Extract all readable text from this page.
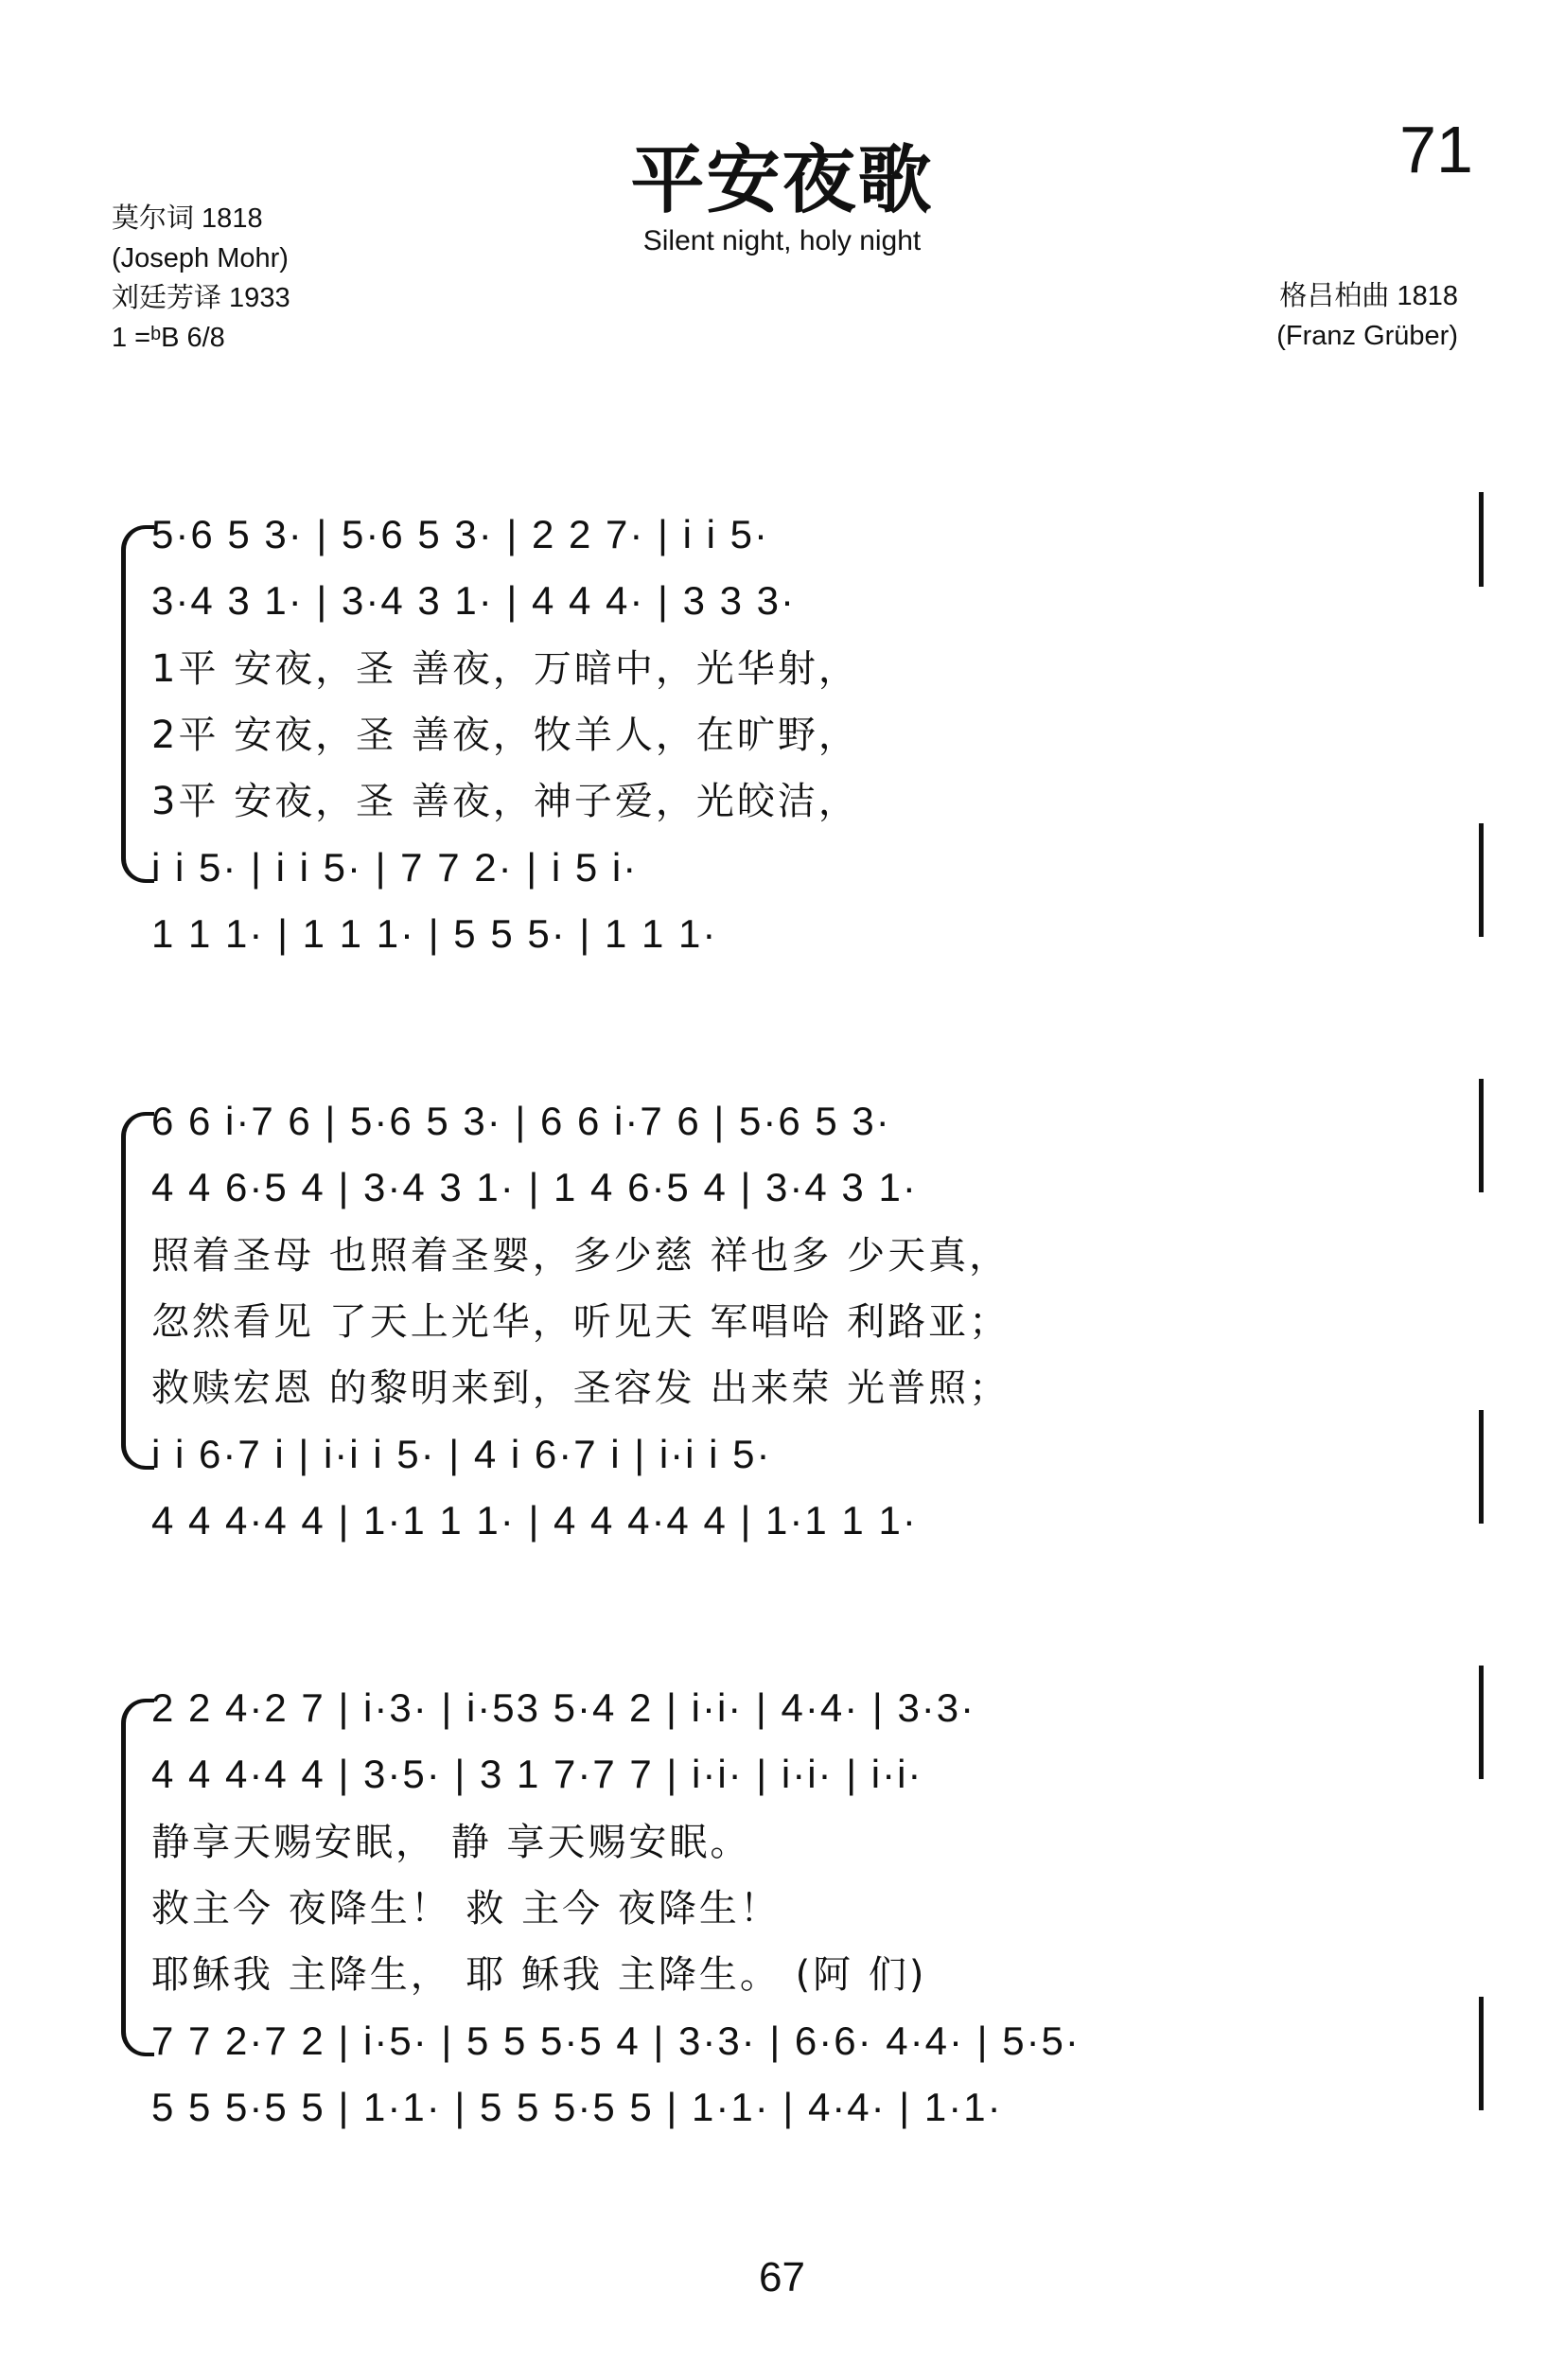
平安夜歌	71
Silent night, holy night
莫尔词 1818
(Joseph Mohr)
刘廷芳译 1933
1 =ᵇB 6/8
格吕柏曲 1818
(Franz Grüber)
5·6 5 3· | 5·6 5 3· | 2 2 7· | i i 5·
3·4 3 1· | 3·4 3 1· | 4 4 4· | 3 3 3·
1平 安夜，圣 善夜，万暗中，光华射，
2平 安夜，圣 善夜，牧羊人，在旷野，
3平 安夜，圣 善夜，神子爱，光皎洁，
i i 5· | i i 5· | 7 7 2· | i 5 i·
1 1 1· | 1 1 1· | 5 5 5· | 1 1 1·
6 6 i·7 6 | 5·6 5 3· | 6 6 i·7 6 | 5·6 5 3·
4 4 6·5 4 | 3·4 3 1· | 1 4 6·5 4 | 3·4 3 1·
照着圣母 也照着圣婴，多少慈 祥也多 少天真，
忽然看见 了天上光华，听见天 军唱哈 利路亚；
救赎宏恩 的黎明来到，圣容发 出来荣 光普照；
i i 6·7 i | i·i i 5· | 4 i 6·7 i | i·i i 5·
4 4 4·4 4 | 1·1 1 1· | 4 4 4·4 4 | 1·1 1 1·
2 2 4·2 7 | i·3· | i·53 5·4 2 | i·i· | 4·4· | 3·3·
4 4 4·4 4 | 3·5· | 3 1 7·7 7 | i·i· | i·i· | i·i·
静享天赐安眠， 静 享天赐安眠。
救主今 夜降生！ 救 主今 夜降生！
耶稣我 主降生， 耶 稣我 主降生。 (阿 们)
7 7 2·7 2 | i·5· | 5 5 5·5 4 | 3·3· | 6·6· 4·4· | 5·5·
5 5 5·5 5 | 1·1· | 5 5 5·5 5 | 1·1· | 4·4· | 1·1·
67
